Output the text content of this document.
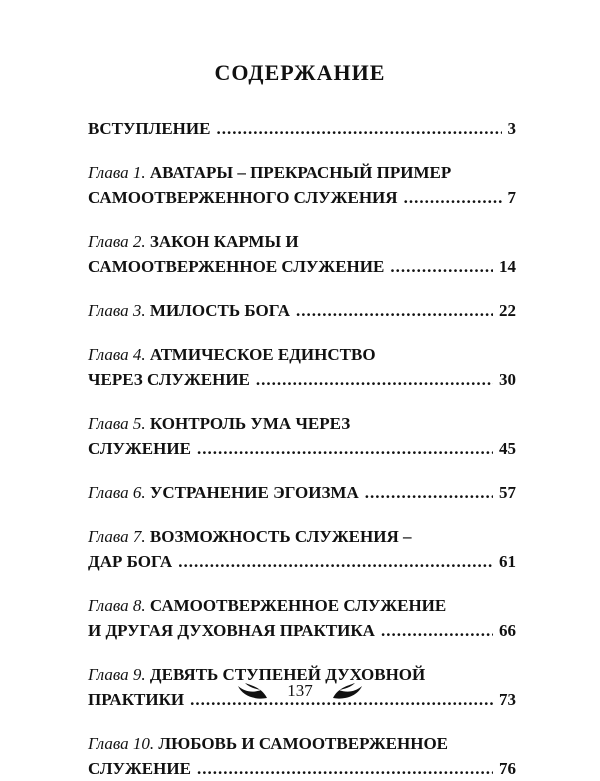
СОДЕРЖАНИЕ
ВСТУПЛЕНИЕ .....	3
Глава 1.
АВАТАРЫ – ПРЕКРАСНЫЙ ПРИМЕР
САМООТВЕРЖЕННОГО СЛУЖЕНИЯ .....	7
Глава 2.
ЗАКОН КАРМЫ И
САМООТВЕРЖЕННОЕ СЛУЖЕНИЕ .....	14
Глава 3.
МИЛОСТЬ БОГА .....	22
Глава 4.
АТМИЧЕСКОЕ ЕДИНСТВО
ЧЕРЕЗ СЛУЖЕНИЕ .....	30
Глава 5.
КОНТРОЛЬ УМА ЧЕРЕЗ
СЛУЖЕНИЕ .....	45
Глава 6.
УСТРАНЕНИЕ ЭГОИЗМА .....	57
Глава 7.
ВОЗМОЖНОСТЬ СЛУЖЕНИЯ –
ДАР БОГА .....	61
Глава 8.
САМООТВЕРЖЕННОЕ СЛУЖЕНИЕ
И ДРУГАЯ ДУХОВНАЯ ПРАКТИКА .....	66
Глава 9.
ДЕВЯТЬ СТУПЕНЕЙ ДУХОВНОЙ
ПРАКТИКИ .....	73
Глава 10.
ЛЮБОВЬ И САМООТВЕРЖЕННОЕ
СЛУЖЕНИЕ .....	76
137
